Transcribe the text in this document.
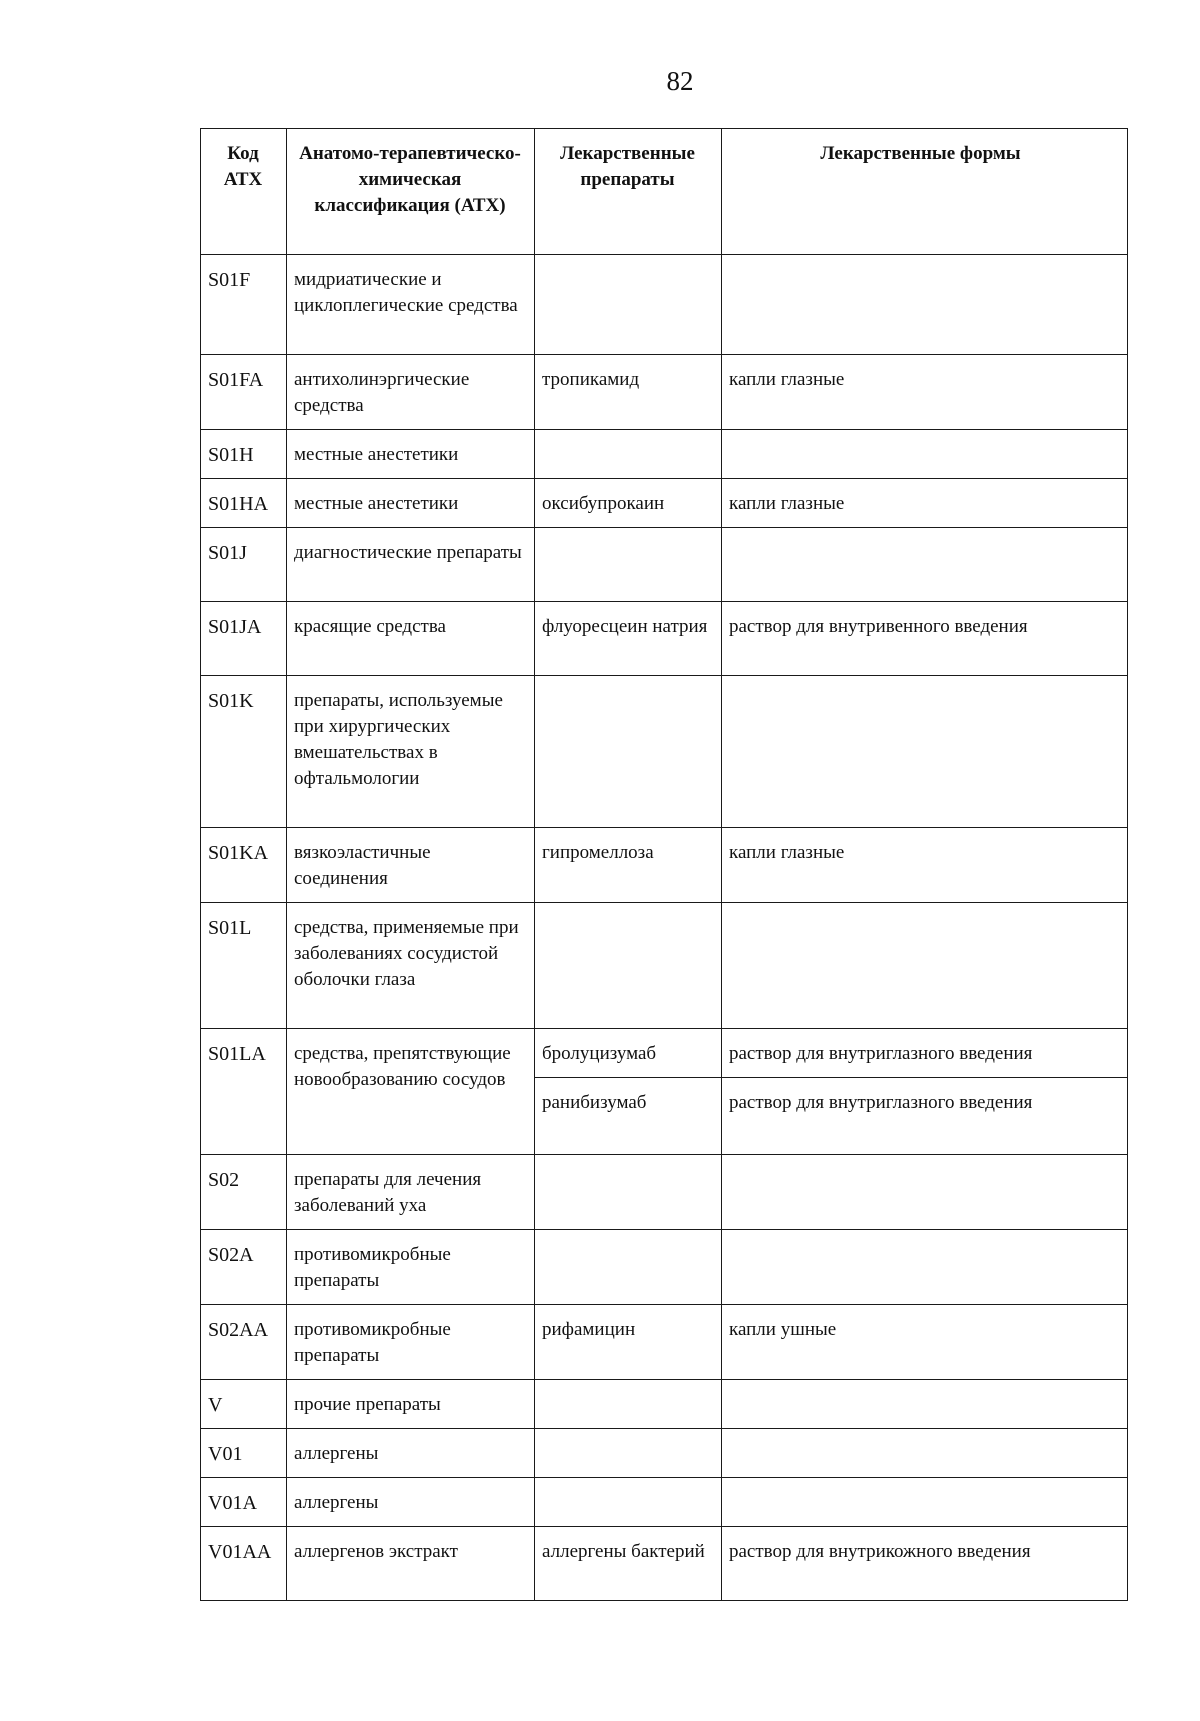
82
Код АТХ	Анатомо-терапевтическо-химическая классификация (АТХ)	Лекарственные препараты	Лекарственные формы
S01F	мидриатические и циклоплегические средства		
S01FA	антихолинэргические средства	тропикамид	капли глазные
S01H	местные анестетики		
S01HA	местные анестетики	оксибупрокаин	капли глазные
S01J	диагностические препараты		
S01JA	красящие средства	флуоресцеин натрия	раствор для внутривенного введения
S01K	препараты, используемые при хирургических вмешательствах в офтальмологии		
S01KA	вязкоэластичные соединения	гипромеллоза	капли глазные
S01L	средства, применяемые при заболеваниях сосудистой оболочки глаза		
S01LA	средства, препятствующие новообразованию сосудов	бролуцизумаб	раствор для внутриглазного введения
		ранибизумаб	раствор для внутриглазного введения
S02	препараты для лечения заболеваний уха		
S02A	противомикробные препараты		
S02AA	противомикробные препараты	рифамицин	капли ушные
V	прочие препараты		
V01	аллергены		
V01A	аллергены		
V01AA	аллергенов экстракт	аллергены бактерий	раствор для внутрикожного введения
